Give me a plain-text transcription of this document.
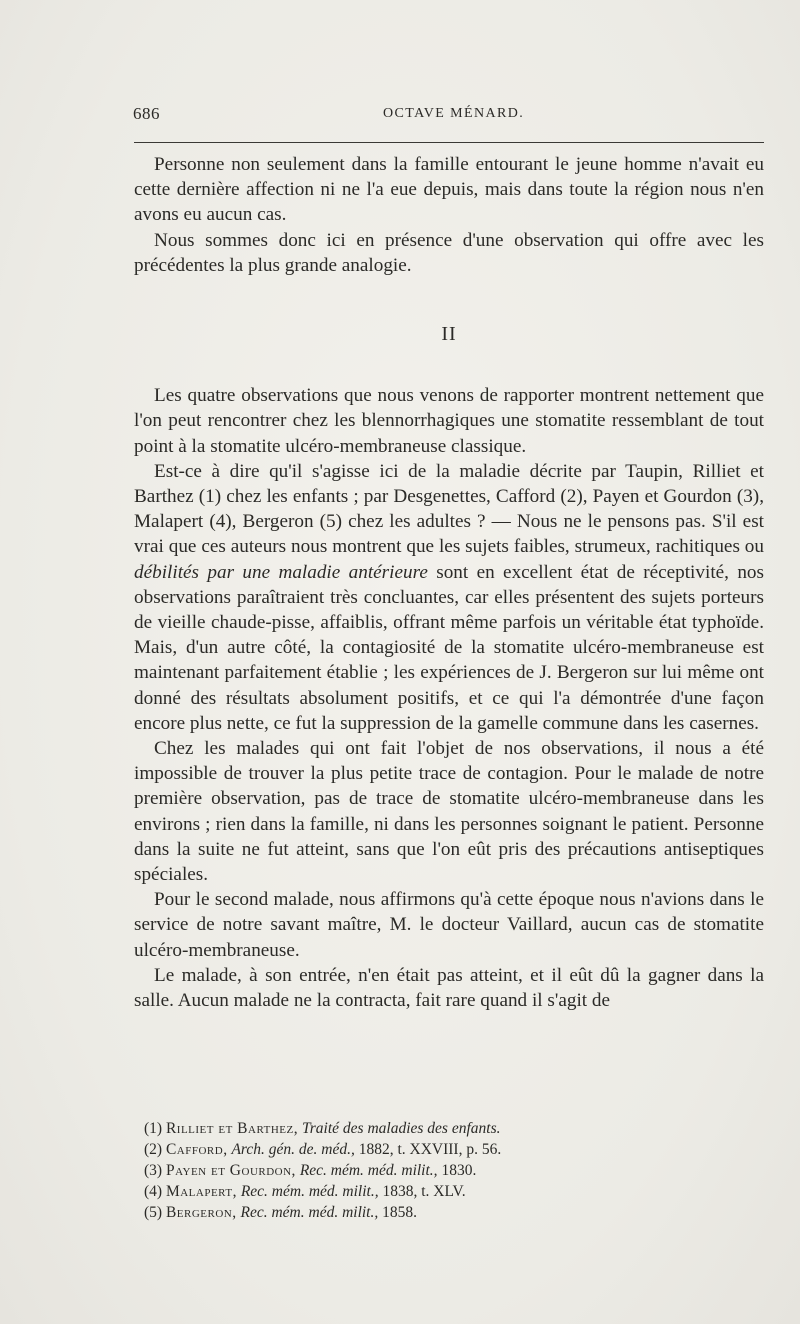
686	OCTAVE MÉNARD.

Personne non seulement dans la famille entourant le jeune homme n'avait eu cette dernière affection ni ne l'a eue depuis, mais dans toute la région nous n'en avons eu aucun cas.

Nous sommes donc ici en présence d'une observation qui offre avec les précédentes la plus grande analogie.

II

Les quatre observations que nous venons de rapporter montrent nettement que l'on peut rencontrer chez les blennorrhagiques une stomatite ressemblant de tout point à la stomatite ulcéro-membraneuse classique.

Est-ce à dire qu'il s'agisse ici de la maladie décrite par Taupin, Rilliet et Barthez (1) chez les enfants ; par Desgenettes, Cafford (2), Payen et Gourdon (3), Malapert (4), Bergeron (5) chez les adultes ? — Nous ne le pensons pas. S'il est vrai que ces auteurs nous montrent que les sujets faibles, strumeux, rachitiques ou débilités par une maladie antérieure sont en excellent état de réceptivité, nos observations paraîtraient très concluantes, car elles présentent des sujets porteurs de vieille chaude-pisse, affaiblis, offrant même parfois un véritable état typhoïde. Mais, d'un autre côté, la contagiosité de la stomatite ulcéro-membraneuse est maintenant parfaitement établie ; les expériences de J. Bergeron sur lui même ont donné des résultats absolument positifs, et ce qui l'a démontrée d'une façon encore plus nette, ce fut la suppression de la gamelle commune dans les casernes.

Chez les malades qui ont fait l'objet de nos observations, il nous a été impossible de trouver la plus petite trace de contagion. Pour le malade de notre première observation, pas de trace de stomatite ulcéro-membraneuse dans les environs ; rien dans la famille, ni dans les personnes soignant le patient. Personne dans la suite ne fut atteint, sans que l'on eût pris des précautions antiseptiques spéciales.

Pour le second malade, nous affirmons qu'à cette époque nous n'avions dans le service de notre savant maître, M. le docteur Vaillard, aucun cas de stomatite ulcéro-membraneuse.

Le malade, à son entrée, n'en était pas atteint, et il eût dû la gagner dans la salle. Aucun malade ne la contracta, fait rare quand il s'agit de

(1) Rilliet et Barthez, Traité des maladies des enfants.

(2) Cafford, Arch. gén. de. méd., 1882, t. XXVIII, p. 56.

(3) Payen et Gourdon, Rec. mém. méd. milit., 1830.

(4) Malapert, Rec. mém. méd. milit., 1838, t. XLV.

(5) Bergeron, Rec. mém. méd. milit., 1858.
